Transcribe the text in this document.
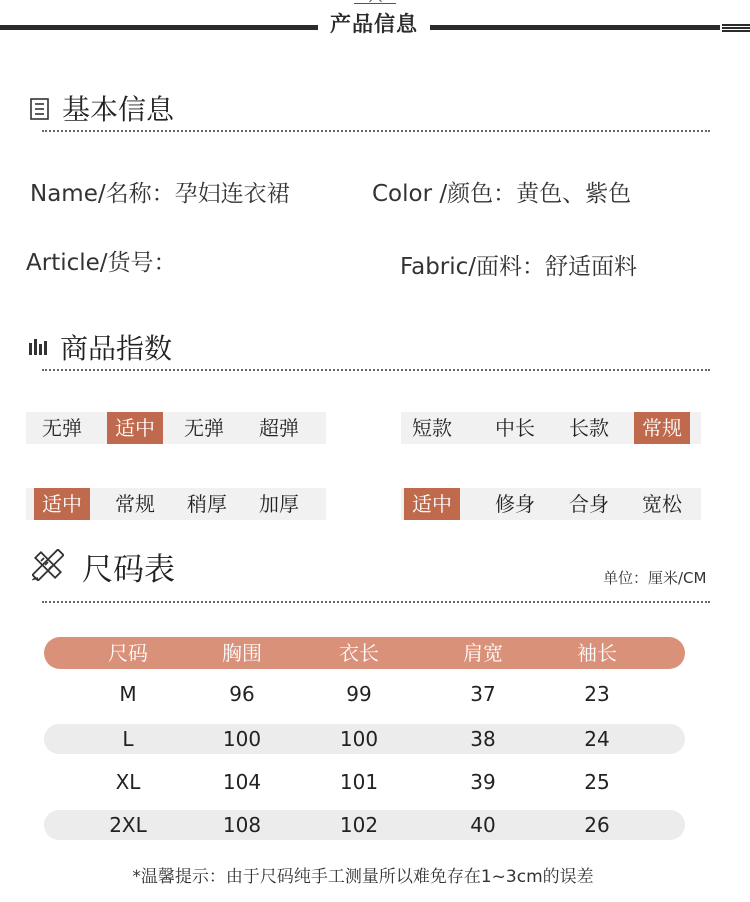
产品信息
基本信息
Name/名称：孕妇连衣裙	Color /颜色：黄色、紫色
Article/货号：	Fabric/面料：舒适面料
商品指数
无弹	适中	无弹	超弹	短款	中长	长款	常规
适中	常规	稍厚	加厚	适中	修身	合身	宽松
尺码表	单位：厘米/CM
尺码	胸围	衣长	肩宽	袖长
M	96	99	37	23
L	100	100	38	24
XL	104	101	39	25
2XL	108	102	40	26
*温馨提示：由于尺码纯手工测量所以难免存在1~3cm的误差
